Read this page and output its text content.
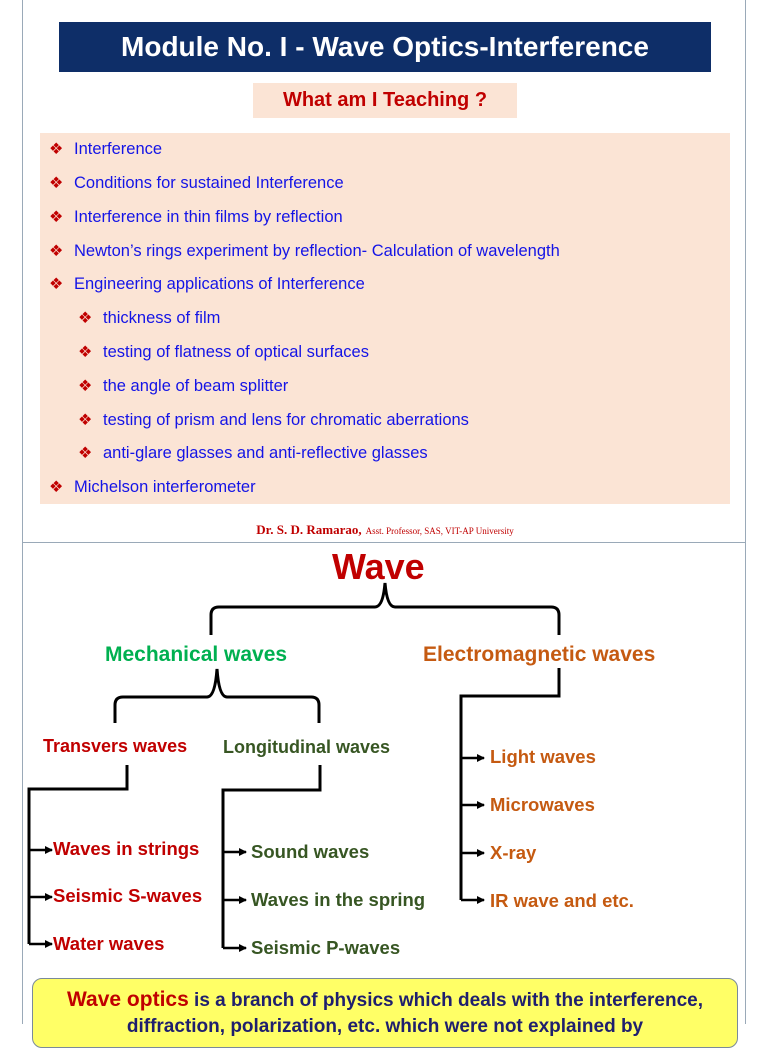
Module No. I - Wave Optics-Interference
What am I Teaching ?
❖ Interference
❖ Conditions for sustained Interference
❖ Interference in thin films by reflection
❖ Newton’s rings experiment by reflection- Calculation of wavelength
❖ Engineering applications of Interference
❖ thickness of film
❖ testing of flatness of optical surfaces
❖ the angle of beam splitter
❖ testing of prism and lens for chromatic aberrations
❖ anti-glare glasses and anti-reflective glasses
❖ Michelson interferometer
Dr. S. D. Ramarao, Asst. Professor, SAS, VIT-AP University
Wave
Mechanical waves	Electromagnetic waves
Transvers waves Longitudinal waves
Waves in strings
Seismic S-waves
Water waves
Sound waves
Waves in the spring
Seismic P-waves
Light waves
Microwaves
X-ray
IR wave and etc.
Wave optics is a branch of physics which deals with the interference, diffraction, polarization, etc. which were not explained by
